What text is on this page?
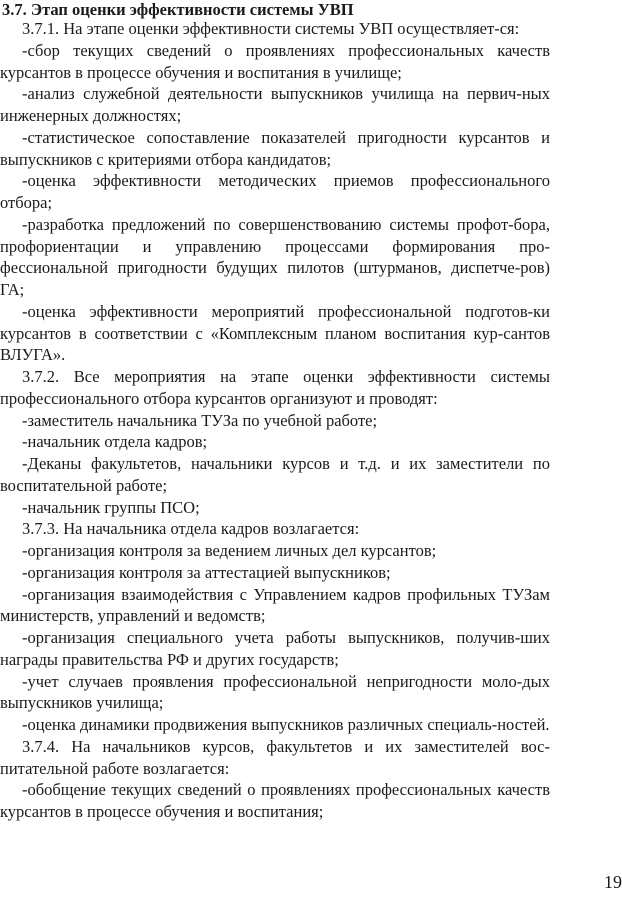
3.7. Этап оценки эффективности системы УВП

3.7.1. На этапе оценки эффективности системы УВП осуществляет-ся:

-сбор текущих сведений о проявлениях профессиональных качеств курсантов в процессе обучения и воспитания в училище;

-анализ служебной деятельности выпускников училища на первич-ных инженерных должностях;

-статистическое сопоставление показателей пригодности курсантов и выпускников с критериями отбора кандидатов;

-оценка эффективности методических приемов профессионального отбора;

-разработка предложений по совершенствованию системы профот-бора, профориентации и управлению процессами формирования про-фессиональной пригодности будущих пилотов (штурманов, диспетче-ров) ГА;

-оценка эффективности мероприятий профессиональной подготов-ки курсантов в соответствии с «Комплексным планом воспитания кур-сантов ВЛУГА».

3.7.2. Все мероприятия на этапе оценки эффективности системы профессионального отбора курсантов организуют и проводят:

-заместитель начальника ТУЗа по учебной работе;

-начальник отдела кадров;

-Деканы факультетов, начальники курсов и т.д. и их заместители по воспитательной работе;

-начальник группы ПСО;

3.7.3. На начальника отдела кадров возлагается:

-организация контроля за ведением личных дел курсантов;

-организация контроля за аттестацией выпускников;

-организация взаимодействия с Управлением кадров профильных ТУЗам министерств, управлений и ведомств;

-организация специального учета работы выпускников, получив-ших награды правительства РФ и других государств;

-учет случаев проявления профессиональной непригодности моло-дых выпускников училища;

-оценка динамики продвижения выпускников различных специаль-ностей.

3.7.4. На начальников курсов, факультетов и их заместителей вос-питательной работе возлагается:

-обобщение текущих сведений о проявлениях профессиональных качеств курсантов в процессе обучения и воспитания;

19
